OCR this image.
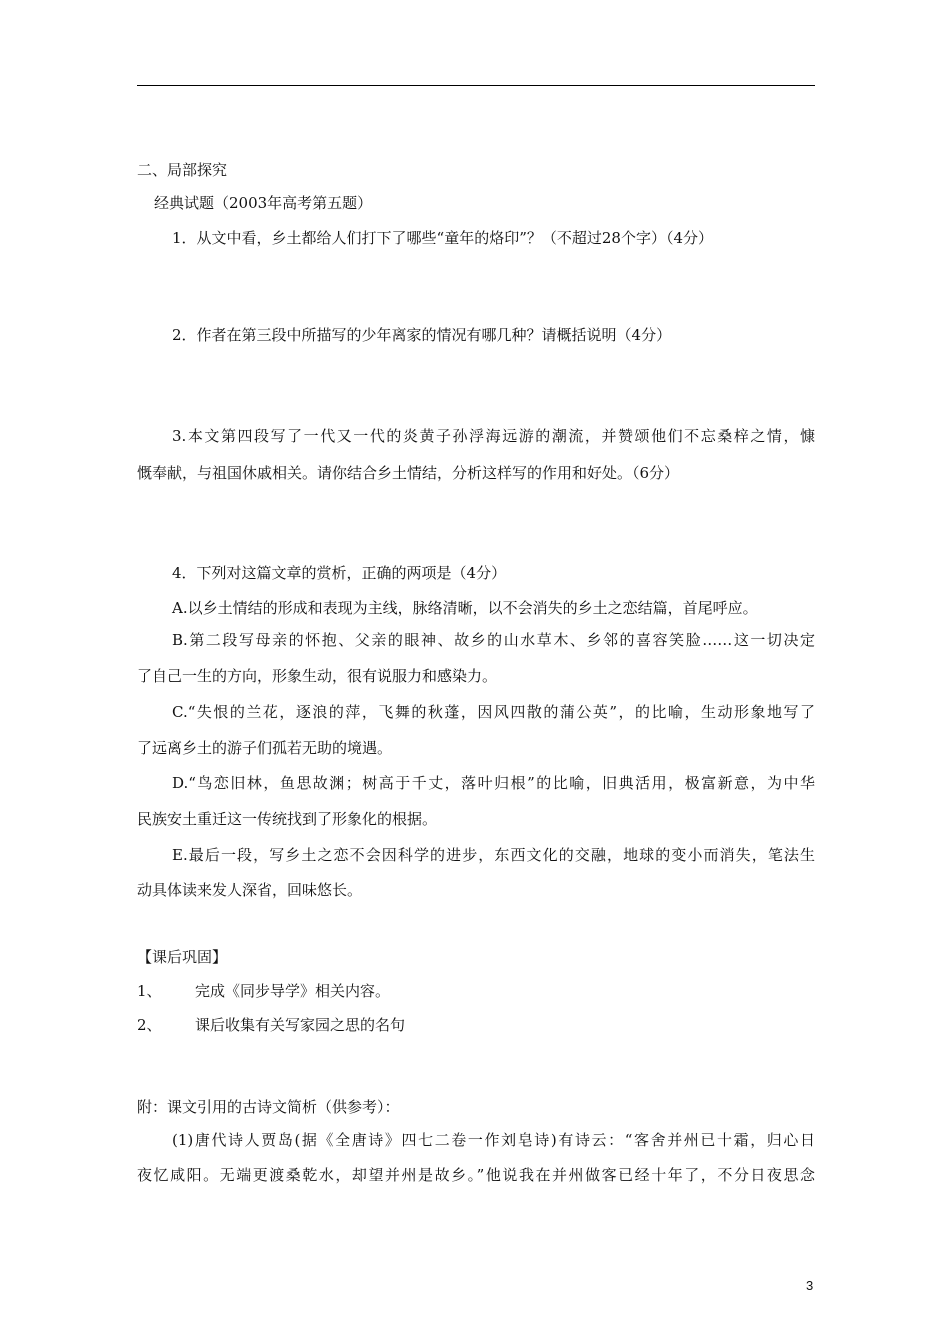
二、局部探究
经典试题（2003年高考第五题）
1．从文中看，乡土都给人们打下了哪些“童年的烙印”？（不超过28个字）（4分）
2．作者在第三段中所描写的少年离家的情况有哪几种？请概括说明（4分）
3.本文第四段写了一代又一代的炎黄子孙浮海远游的潮流，并赞颂他们不忘桑梓之情，慷
慨奉献，与祖国休戚相关。请你结合乡土情结，分析这样写的作用和好处。（6分）
4．下列对这篇文章的赏析，正确的两项是（4分）
A.以乡土情结的形成和表现为主线，脉络清晰，以不会消失的乡土之恋结篇，首尾呼应。
B.第二段写母亲的怀抱、父亲的眼神、故乡的山水草木、乡邻的喜容笑脸……这一切决定
了自己一生的方向，形象生动，很有说服力和感染力。
C.“失恨的兰花，逐浪的萍，飞舞的秋蓬，因风四散的蒲公英”，的比喻，生动形象地写了
了远离乡土的游子们孤若无助的境遇。
D.“鸟恋旧林，鱼思故渊；树高于千丈，落叶归根”的比喻，旧典活用，极富新意，为中华
民族安土重迁这一传统找到了形象化的根据。
E.最后一段，写乡土之恋不会因科学的进步，东西文化的交融，地球的变小而消失，笔法生
动具体读来发人深省，回味悠长。
【课后巩固】
1、 完成《同步导学》相关内容。
2、 课后收集有关写家园之思的名句
附：课文引用的古诗文简析（供参考）：
(1)唐代诗人贾岛(据《全唐诗》四七二卷一作刘皂诗)有诗云：“客舍并州已十霜，归心日
夜忆咸阳。无端更渡桑乾水，却望并州是故乡。”他说我在并州做客已经十年了，不分日夜思念
3
